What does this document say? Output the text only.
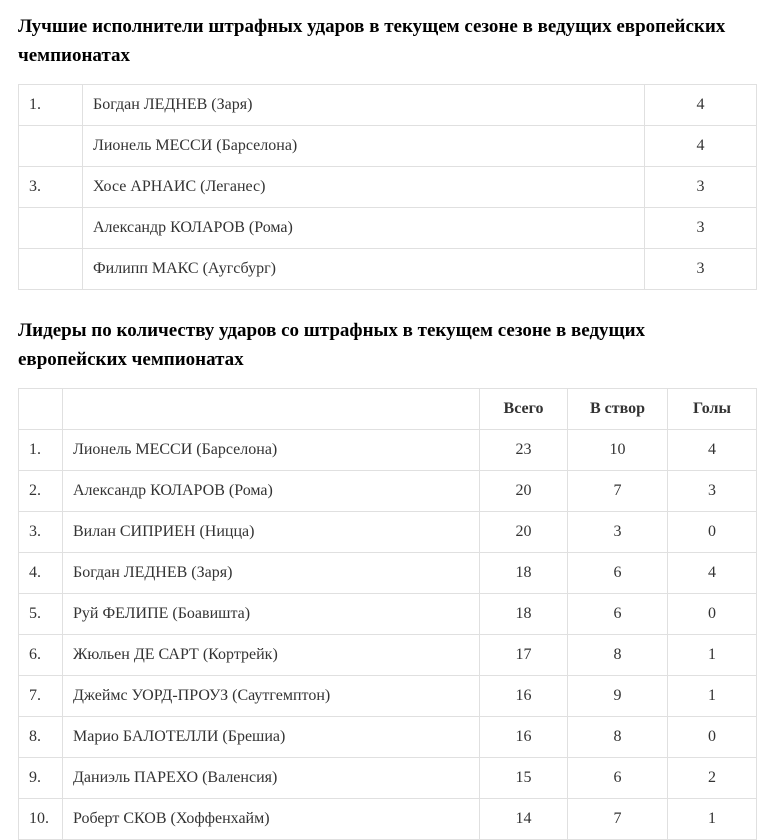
Лучшие исполнители штрафных ударов в текущем сезоне в ведущих европейских чемпионатах
1.	Богдан ЛЕДНЕВ (Заря)	4
	Лионель МЕССИ (Барселона)	4
3.	Хосе АРНАИС (Леганес)	3
	Александр КОЛАРОВ (Рома)	3
	Филипп МАКС (Аугсбург)	3
Лидеры по количеству ударов со штрафных в текущем сезоне в ведущих европейских чемпионатах
		Всего	В створ	Голы
1.	Лионель МЕССИ (Барселона)	23	10	4
2.	Александр КОЛАРОВ (Рома)	20	7	3
3.	Вилан СИПРИЕН (Ницца)	20	3	0
4.	Богдан ЛЕДНЕВ (Заря)	18	6	4
5.	Руй ФЕЛИПЕ (Боавишта)	18	6	0
6.	Жюльен ДЕ САРТ (Кортрейк)	17	8	1
7.	Джеймс УОРД-ПРОУЗ (Саутгемптон)	16	9	1
8.	Марио БАЛОТЕЛЛИ (Брешиа)	16	8	0
9.	Даниэль ПАРЕХО (Валенсия)	15	6	2
10.	Роберт СКОВ (Хоффенхайм)	14	7	1
